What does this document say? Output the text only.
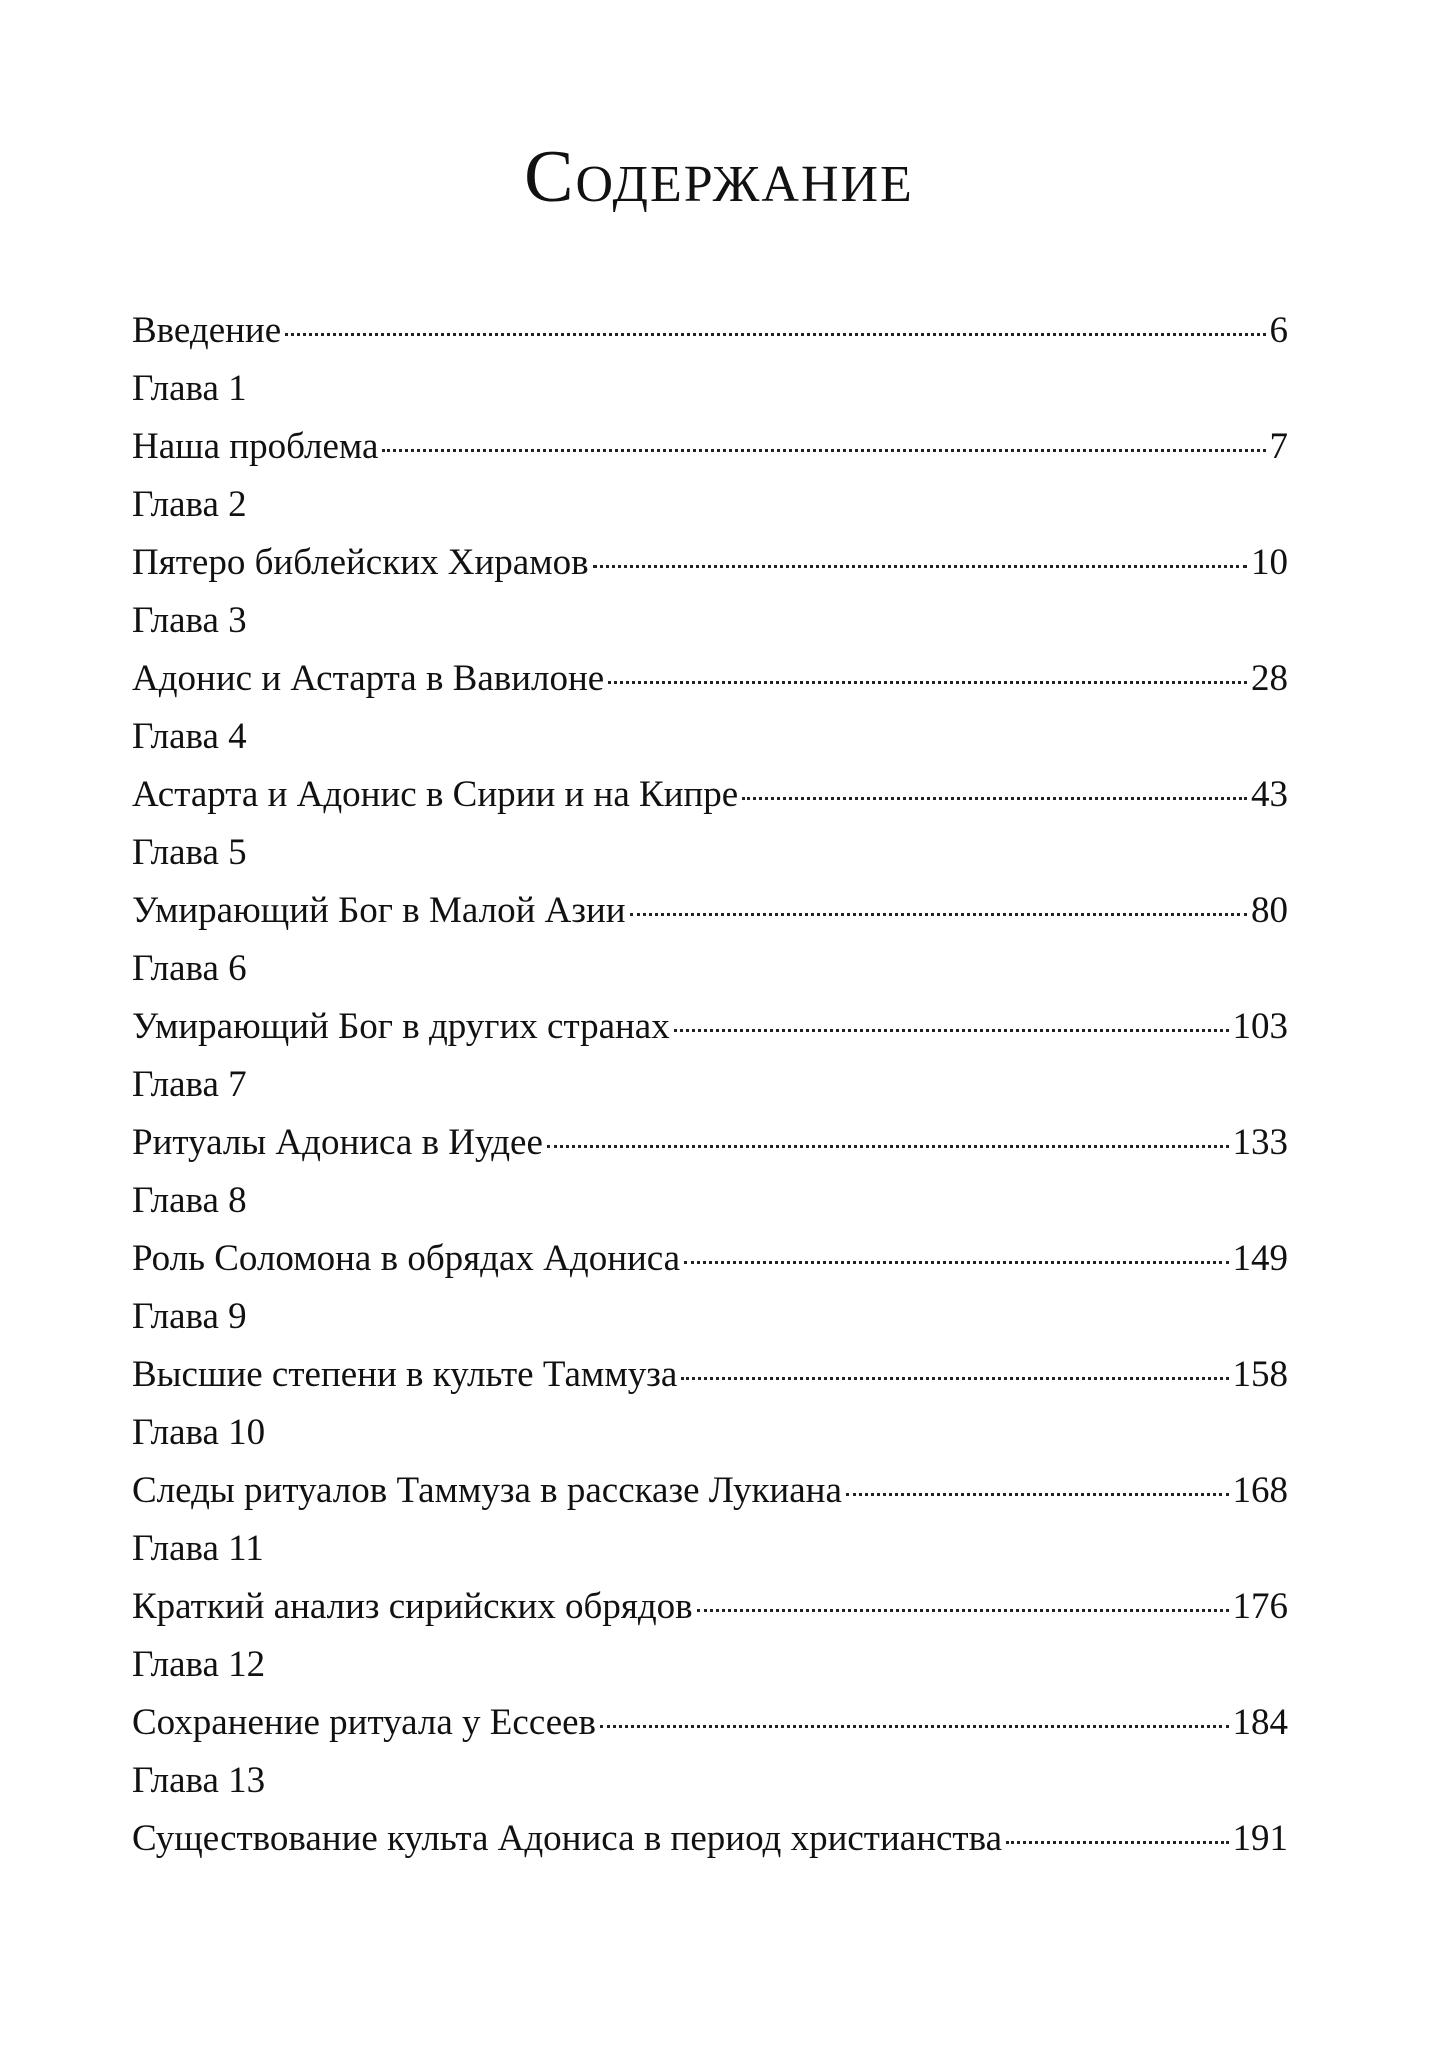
Содержание
Введение	6
Глава 1
Наша проблема	7
Глава 2
Пятеро библейских Хирамов	10
Глава 3
Адонис и Астарта в Вавилоне	28
Глава 4
Астарта и Адонис в Сирии и на Кипре	43
Глава 5
Умирающий Бог в Малой Азии	80
Глава 6
Умирающий Бог в других странах	103
Глава 7
Ритуалы Адониса в Иудее	133
Глава 8
Роль Соломона в обрядах Адониса	149
Глава 9
Высшие степени в культе Таммуза	158
Глава 10
Следы ритуалов Таммуза в рассказе Лукиана	168
Глава 11
Краткий анализ сирийских обрядов	176
Глава 12
Сохранение ритуала у Ессеев	184
Глава 13
Существование культа Адониса в период христианства	191
